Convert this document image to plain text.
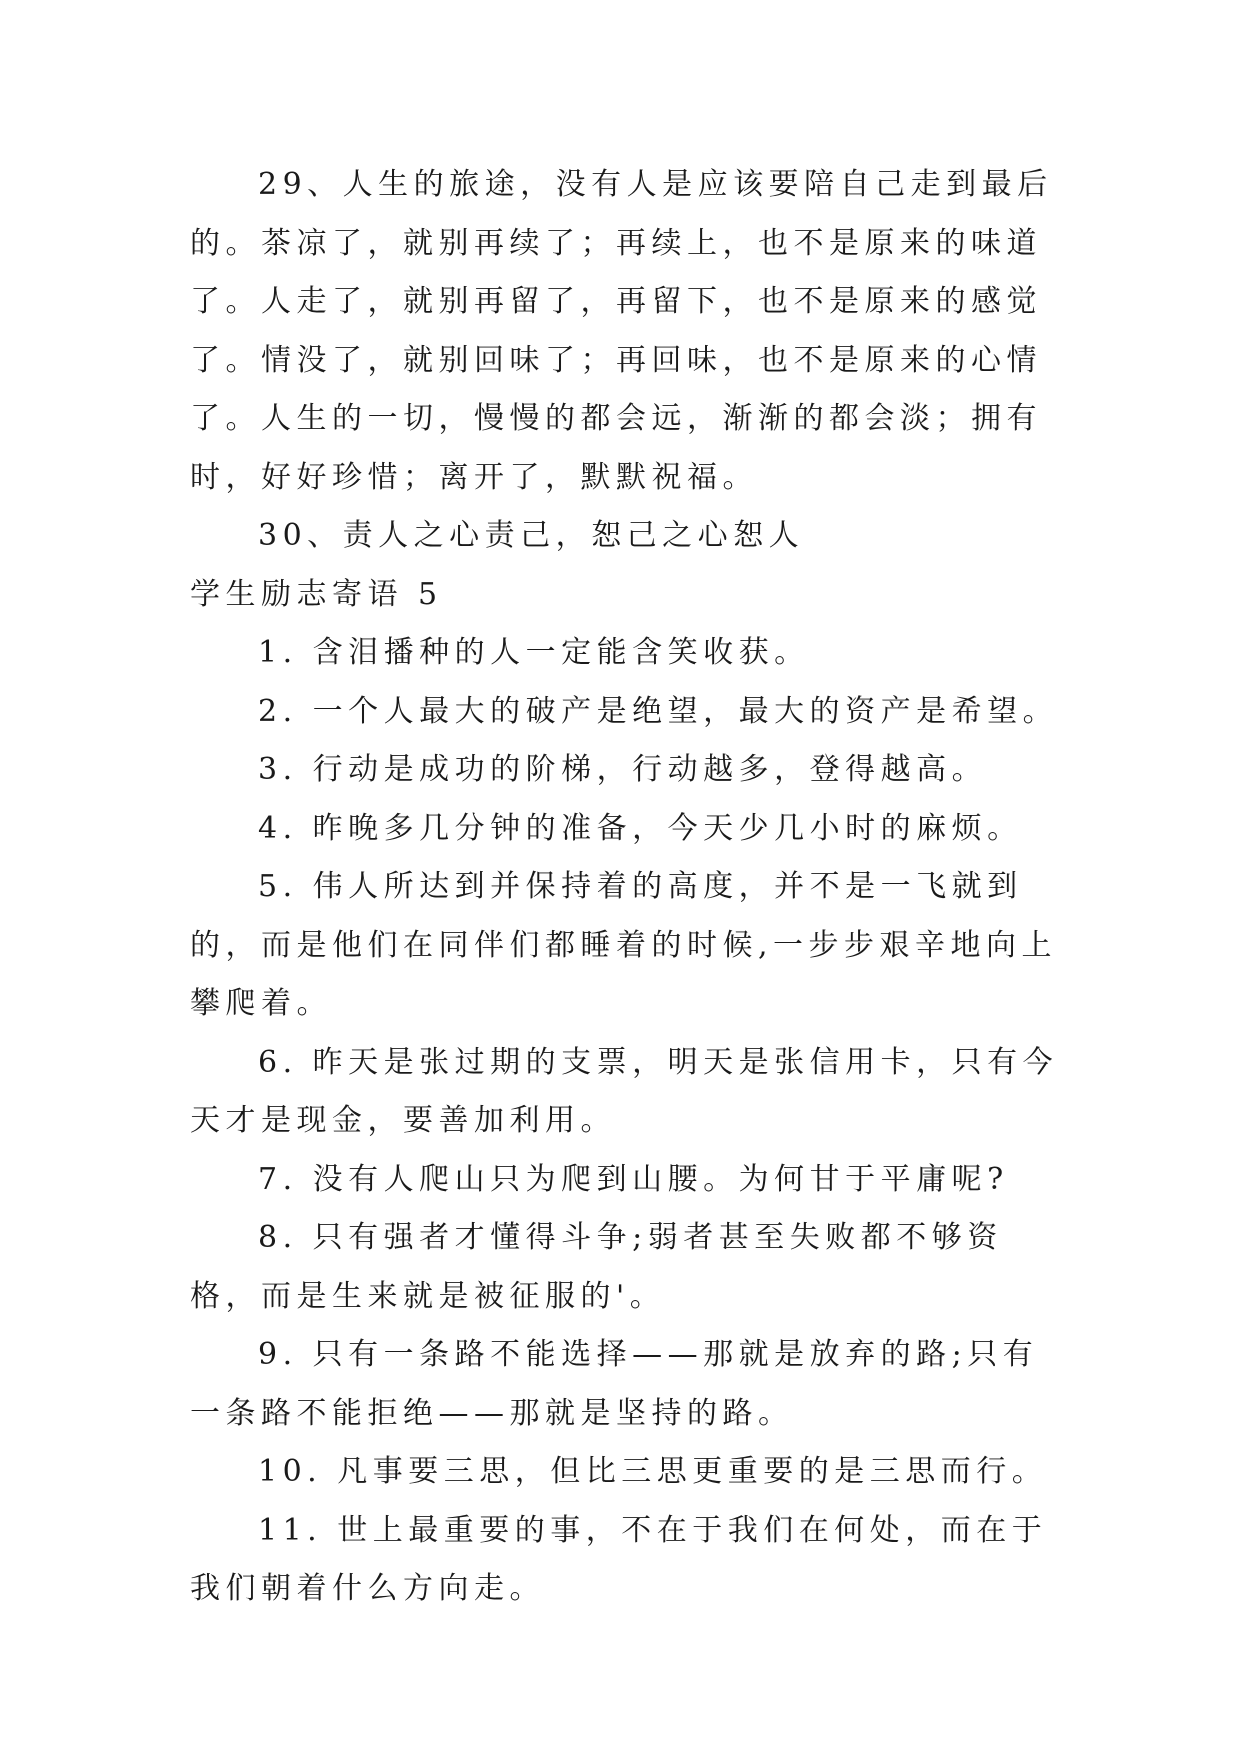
29、人生的旅途，没有人是应该要陪自己走到最后的。茶凉了，就别再续了；再续上，也不是原来的味道了。人走了，就别再留了，再留下，也不是原来的感觉了。情没了，就别回味了；再回味，也不是原来的心情了。人生的一切，慢慢的都会远，渐渐的都会淡；拥有时，好好珍惜；离开了，默默祝福。

30、责人之心责己，恕己之心恕人

学生励志寄语 5

1. 含泪播种的人一定能含笑收获。

2. 一个人最大的破产是绝望，最大的资产是希望。

3. 行动是成功的阶梯，行动越多，登得越高。

4. 昨晚多几分钟的准备，今天少几小时的麻烦。

5. 伟人所达到并保持着的高度，并不是一飞就到的，而是他们在同伴们都睡着的时候,一步步艰辛地向上攀爬着。

6. 昨天是张过期的支票，明天是张信用卡，只有今天才是现金，要善加利用。

7. 没有人爬山只为爬到山腰。为何甘于平庸呢?

8. 只有强者才懂得斗争;弱者甚至失败都不够资格，而是生来就是被征服的'。

9. 只有一条路不能选择——那就是放弃的路;只有一条路不能拒绝——那就是坚持的路。

10. 凡事要三思，但比三思更重要的是三思而行。

11. 世上最重要的事，不在于我们在何处，而在于我们朝着什么方向走。
